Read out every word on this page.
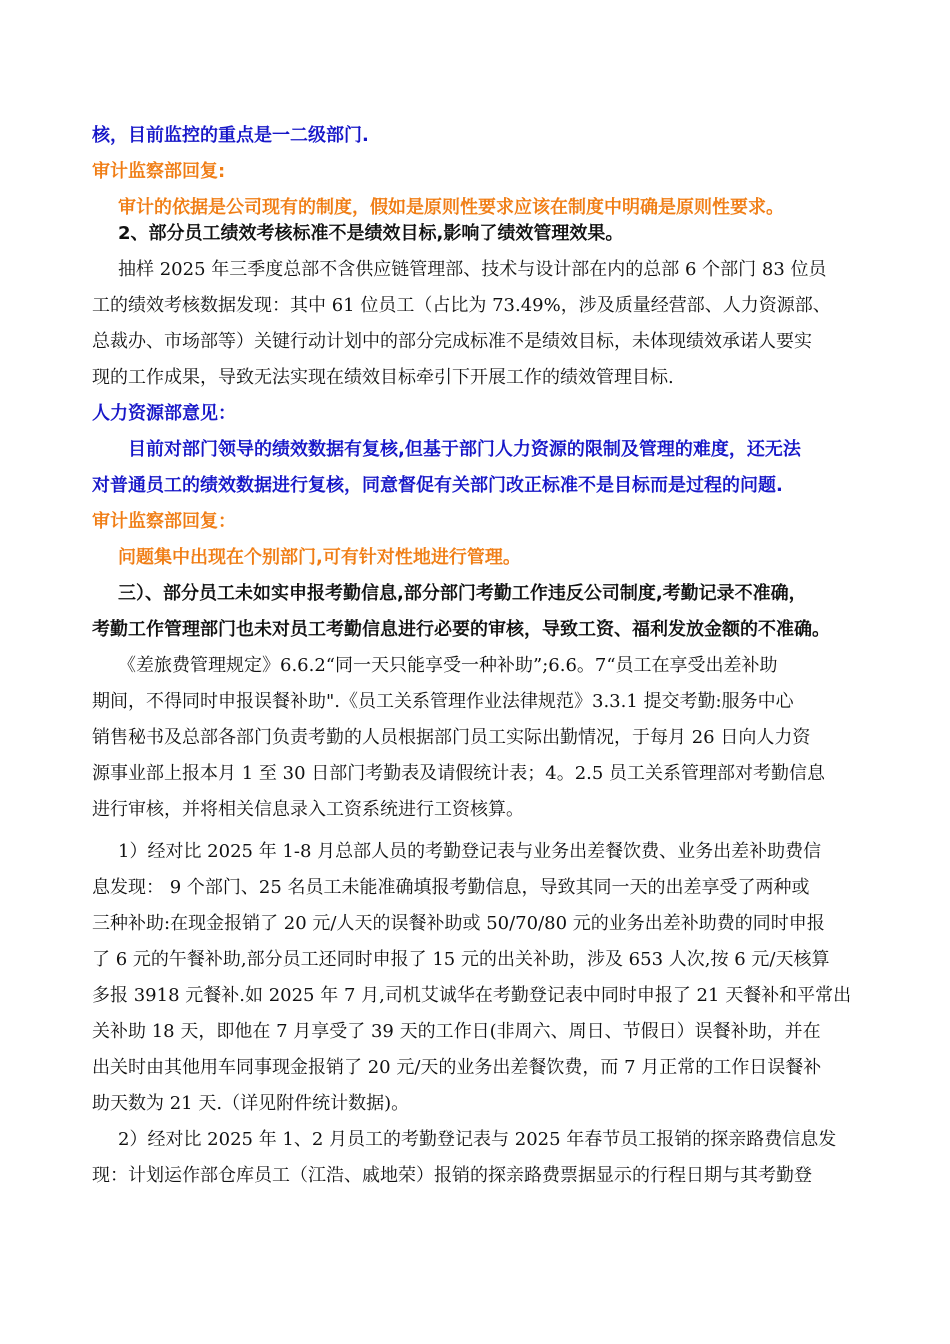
核，目前监控的重点是一二级部门.
审计监察部回复:
审计的依据是公司现有的制度，假如是原则性要求应该在制度中明确是原则性要求。
2、部分员工绩效考核标准不是绩效目标,影响了绩效管理效果。
抽样 2025 年三季度总部不含供应链管理部、技术与设计部在内的总部 6 个部门 83 位员
工的绩效考核数据发现：其中 61 位员工（占比为 73.49%，涉及质量经营部、人力资源部、
总裁办、市场部等）关键行动计划中的部分完成标准不是绩效目标，未体现绩效承诺人要实
现的工作成果，导致无法实现在绩效目标牵引下开展工作的绩效管理目标.
人力资源部意见：
目前对部门领导的绩效数据有复核,但基于部门人力资源的限制及管理的难度，还无法
对普通员工的绩效数据进行复核，同意督促有关部门改正标准不是目标而是过程的问题.
审计监察部回复：
问题集中出现在个别部门,可有针对性地进行管理。
三）、部分员工未如实申报考勤信息,部分部门考勤工作违反公司制度,考勤记录不准确，
考勤工作管理部门也未对员工考勤信息进行必要的审核，导致工资、福利发放金额的不准确。
《差旅费管理规定》6.6.2“同一天只能享受一种补助”;6.6。7“员工在享受出差补助
期间，不得同时申报误餐补助".《员工关系管理作业法律规范》3.3.1 提交考勤:服务中心
销售秘书及总部各部门负责考勤的人员根据部门员工实际出勤情况，于每月 26 日向人力资
源事业部上报本月 1 至 30 日部门考勤表及请假统计表；4。2.5 员工关系管理部对考勤信息
进行审核，并将相关信息录入工资系统进行工资核算。
1）经对比 2025 年 1-8 月总部人员的考勤登记表与业务出差餐饮费、业务出差补助费信
息发现： 9 个部门、25 名员工未能准确填报考勤信息，导致其同一天的出差享受了两种或
三种补助:在现金报销了 20 元/人天的误餐补助或 50/70/80 元的业务出差补助费的同时申报
了 6 元的午餐补助,部分员工还同时申报了 15 元的出关补助，涉及 653 人次,按 6 元/天核算
多报 3918 元餐补.如 2025 年 7 月,司机艾诚华在考勤登记表中同时申报了 21 天餐补和平常出
关补助 18 天，即他在 7 月享受了 39 天的工作日(非周六、周日、节假日）误餐补助，并在
出关时由其他用车同事现金报销了 20 元/天的业务出差餐饮费，而 7 月正常的工作日误餐补
助天数为 21 天.（详见附件统计数据)。
2）经对比 2025 年 1、2 月员工的考勤登记表与 2025 年春节员工报销的探亲路费信息发
现：计划运作部仓库员工（江浩、戚地荣）报销的探亲路费票据显示的行程日期与其考勤登
